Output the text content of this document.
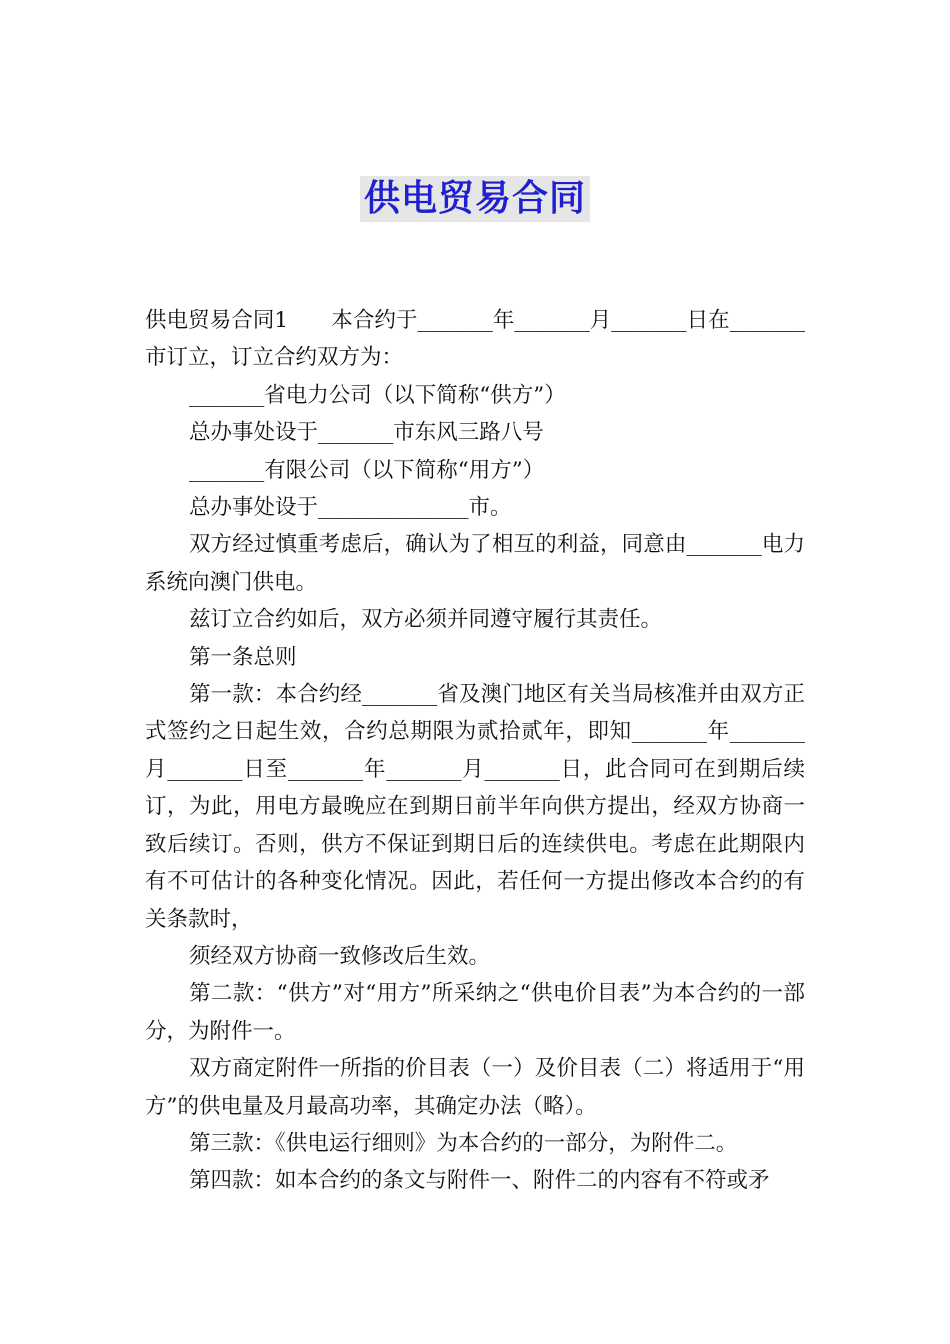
供电贸易合同

供电贸易合同1　　本合约于_______年_______月_______日在_______市订立，订立合约双方为：

_______省电力公司（以下简称“供方”）

总办事处设于_______市东风三路八号

_______有限公司（以下简称“用方”）

总办事处设于______________市。

双方经过慎重考虑后，确认为了相互的利益，同意由_______电力系统向澳门供电。

兹订立合约如后，双方必须并同遵守履行其责任。

第一条总则

第一款：本合约经_______省及澳门地区有关当局核准并由双方正式签约之日起生效，合约总期限为贰拾贰年，即知_______年_______月_______日至_______年_______月_______日，此合同可在到期后续订，为此，用电方最晚应在到期日前半年向供方提出，经双方协商一致后续订。否则，供方不保证到期日后的连续供电。考虑在此期限内有不可估计的各种变化情况。因此，若任何一方提出修改本合约的有关条款时，

须经双方协商一致修改后生效。

第二款：“供方”对“用方”所采纳之“供电价目表”为本合约的一部分，为附件一。

双方商定附件一所指的价目表（一）及价目表（二）将适用于“用方”的供电量及月最高功率，其确定办法（略）。

第三款：《供电运行细则》为本合约的一部分，为附件二。

第四款：如本合约的条文与附件一、附件二的内容有不符或矛
